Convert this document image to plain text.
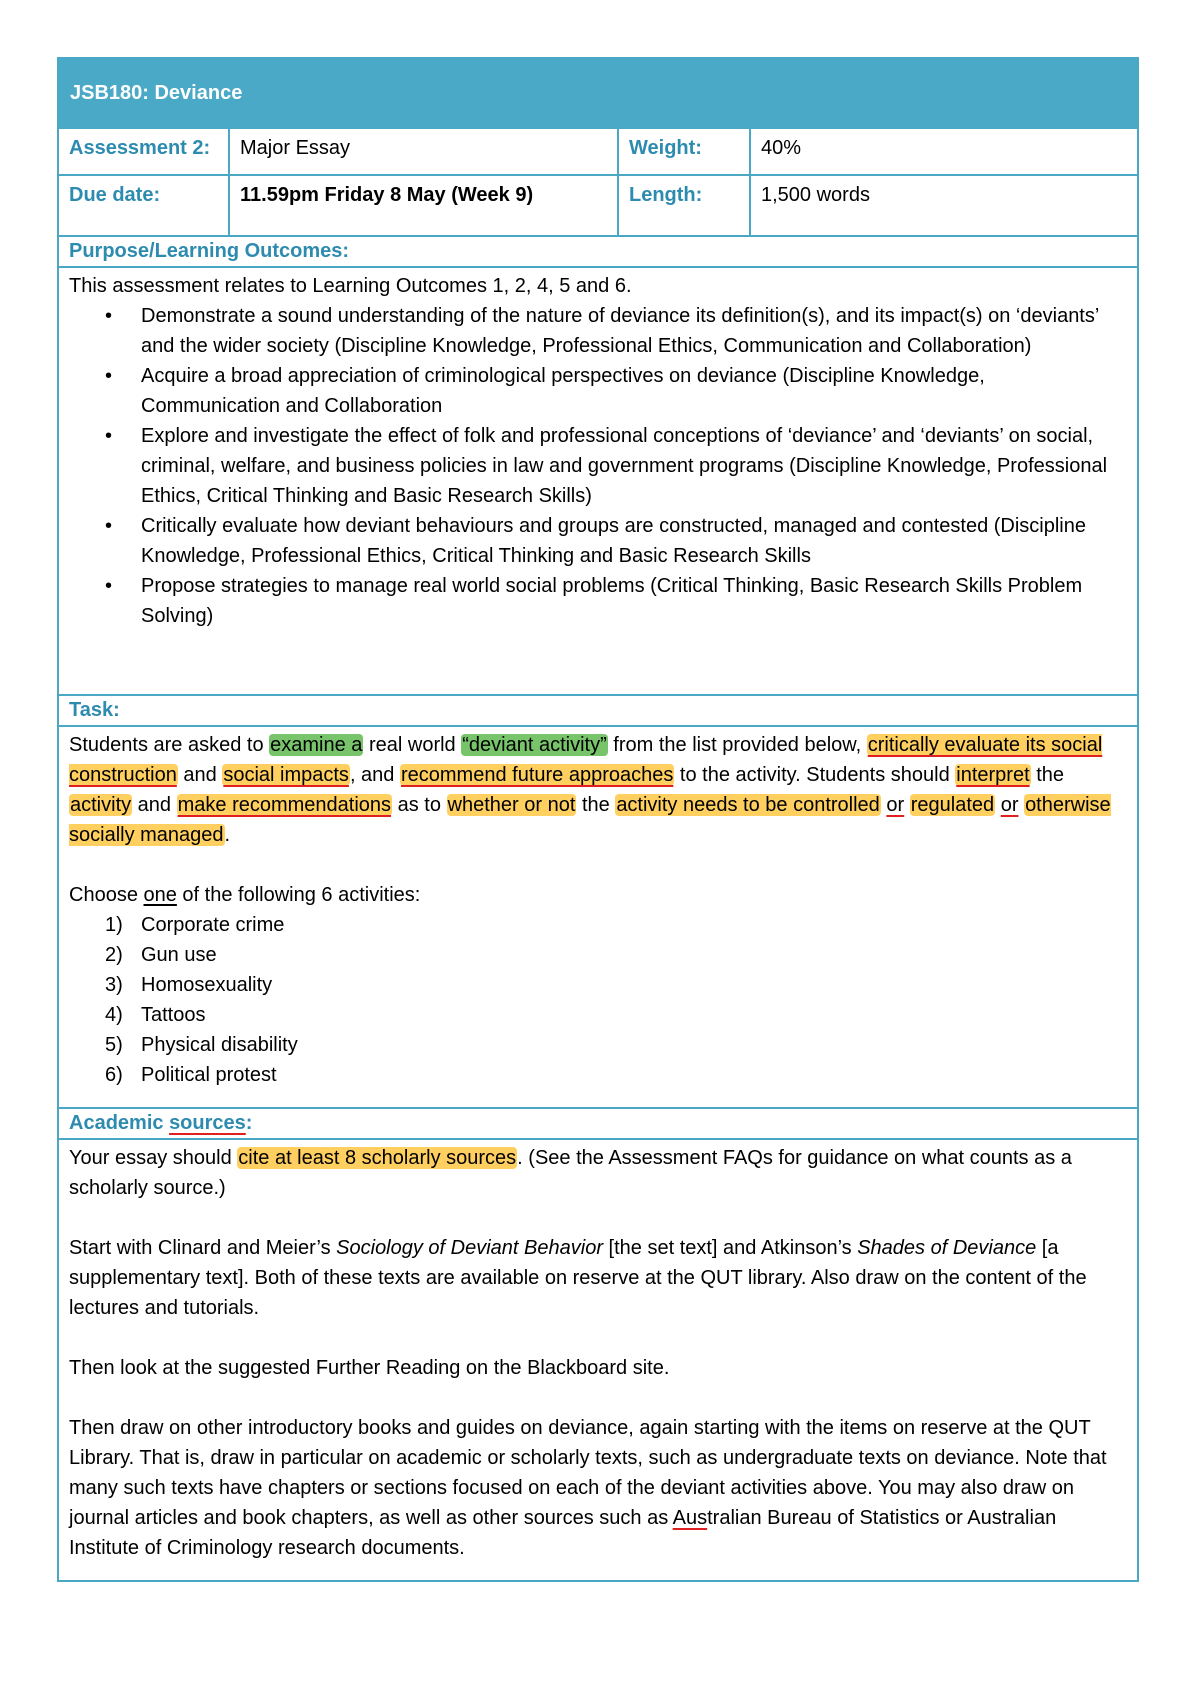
JSB180: Deviance
Assessment 2:	Major Essay	Weight:	40%
Due date:	11.59pm Friday 8 May (Week 9)	Length:	1,500 words
Purpose/Learning Outcomes:

This assessment relates to Learning Outcomes 1, 2, 4, 5 and 6.

• Demonstrate a sound understanding of the nature of deviance its definition(s), and its impact(s) on ‘deviants’ and the wider society (Discipline Knowledge, Professional Ethics, Communication and Collaboration)
• Acquire a broad appreciation of criminological perspectives on deviance (Discipline Knowledge, Communication and Collaboration
• Explore and investigate the effect of folk and professional conceptions of ‘deviance’ and ‘deviants’ on social, criminal, welfare, and business policies in law and government programs (Discipline Knowledge, Professional Ethics, Critical Thinking and Basic Research Skills)
• Critically evaluate how deviant behaviours and groups are constructed, managed and contested (Discipline Knowledge, Professional Ethics, Critical Thinking and Basic Research Skills
• Propose strategies to manage real world social problems (Critical Thinking, Basic Research Skills Problem Solving)
Task:

Students are asked to examine a real world “deviant activity” from the list provided below, critically evaluate its social construction and social impacts, and recommend future approaches to the activity. Students should interpret the activity and make recommendations as to whether or not the activity needs to be controlled or regulated or otherwise socially managed.

Choose one of the following 6 activities:

1) Corporate crime
2) Gun use
3) Homosexuality
4) Tattoos
5) Physical disability
6) Political protest
Academic sources:

Your essay should cite at least 8 scholarly sources. (See the Assessment FAQs for guidance on what counts as a scholarly source.)

Start with Clinard and Meier’s Sociology of Deviant Behavior [the set text] and Atkinson’s Shades of Deviance [a supplementary text]. Both of these texts are available on reserve at the QUT library. Also draw on the content of the lectures and tutorials.

Then look at the suggested Further Reading on the Blackboard site.

Then draw on other introductory books and guides on deviance, again starting with the items on reserve at the QUT Library. That is, draw in particular on academic or scholarly texts, such as undergraduate texts on deviance. Note that many such texts have chapters or sections focused on each of the deviant activities above. You may also draw on journal articles and book chapters, as well as other sources such as Australian Bureau of Statistics or Australian Institute of Criminology research documents.
